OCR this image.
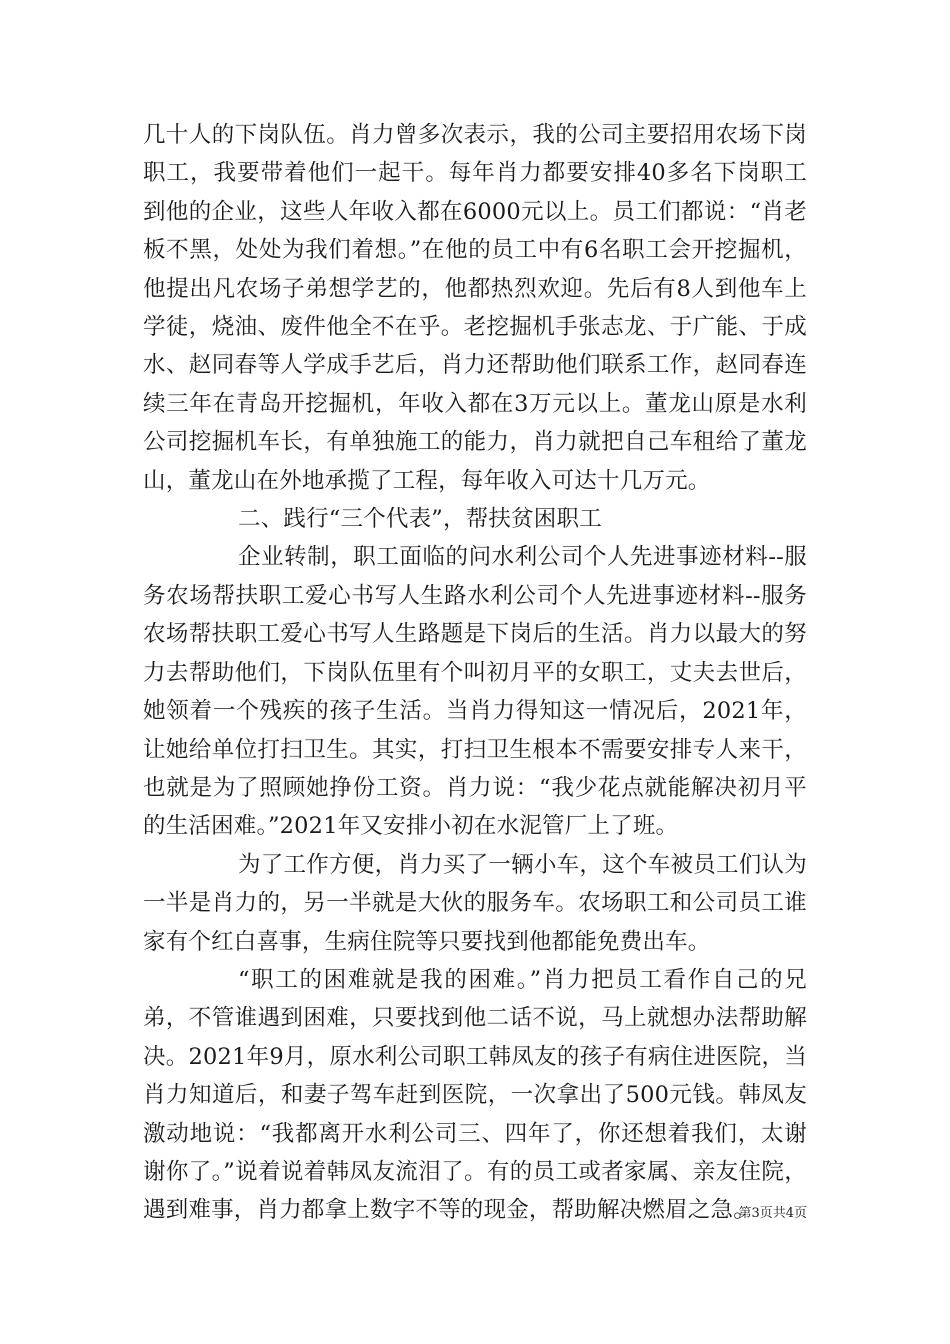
几十人的下岗队伍。肖力曾多次表示，我的公司主要招用农场下岗职工，我要带着他们一起干。每年肖力都要安排40多名下岗职工到他的企业，这些人年收入都在6000元以上。员工们都说：“肖老板不黑，处处为我们着想。”在他的员工中有6名职工会开挖掘机，他提出凡农场子弟想学艺的，他都热烈欢迎。先后有8人到他车上学徒，烧油、废件他全不在乎。老挖掘机手张志龙、于广能、于成水、赵同春等人学成手艺后，肖力还帮助他们联系工作，赵同春连续三年在青岛开挖掘机，年收入都在3万元以上。董龙山原是水利公司挖掘机车长，有单独施工的能力，肖力就把自己车租给了董龙山，董龙山在外地承揽了工程，每年收入可达十几万元。

二、践行“三个代表”，帮扶贫困职工

企业转制，职工面临的问水利公司个人先进事迹材料--服务农场帮扶职工爱心书写人生路水利公司个人先进事迹材料--服务农场帮扶职工爱心书写人生路题是下岗后的生活。肖力以最大的努力去帮助他们，下岗队伍里有个叫初月平的女职工，丈夫去世后，她领着一个残疾的孩子生活。当肖力得知这一情况后，2021年，让她给单位打扫卫生。其实，打扫卫生根本不需要安排专人来干，也就是为了照顾她挣份工资。肖力说：“我少花点就能解决初月平的生活困难。”2021年又安排小初在水泥管厂上了班。

为了工作方便，肖力买了一辆小车，这个车被员工们认为一半是肖力的，另一半就是大伙的服务车。农场职工和公司员工谁家有个红白喜事，生病住院等只要找到他都能免费出车。

“职工的困难就是我的困难。”肖力把员工看作自己的兄弟，不管谁遇到困难，只要找到他二话不说，马上就想办法帮助解决。2021年9月，原水利公司职工韩凤友的孩子有病住进医院，当肖力知道后，和妻子驾车赶到医院，一次拿出了500元钱。韩凤友激动地说：“我都离开水利公司三、四年了，你还想着我们，太谢谢你了。”说着说着韩凤友流泪了。有的员工或者家属、亲友住院，遇到难事，肖力都拿上数字不等的现金，帮助解决燃眉之急。

第3页共4页
